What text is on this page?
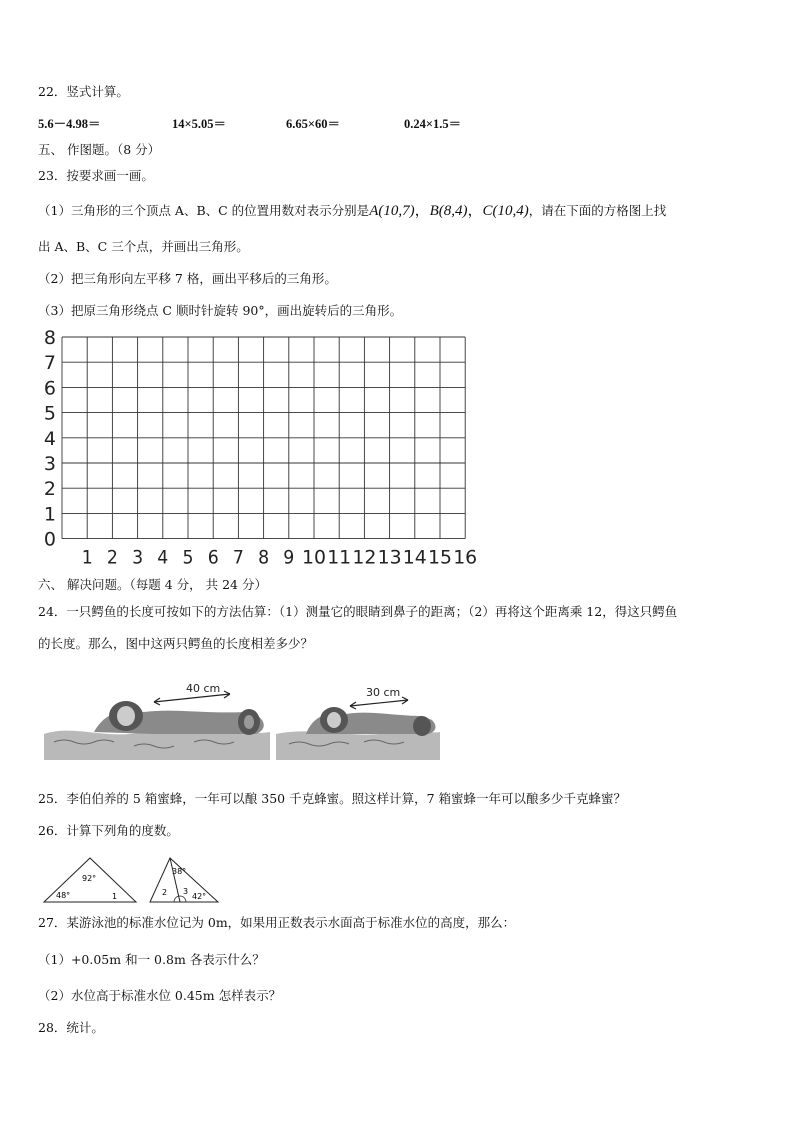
22．竖式计算。
5.6－4.98＝	14×5.05＝	6.65×60＝	0.24×1.5＝
五、 作图题。（8 分）
23．按要求画一画。
（1）三角形的三个顶点 A、B、C 的位置用数对表示分别是A(10,7)，B(8,4)，C(10,4)，请在下面的方格图上找
出 A、B、C 三个点，并画出三角形。
（2）把三角形向左平移 7 格，画出平移后的三角形。
（3）把原三角形绕点 C 顺时针旋转 90°，画出旋转后的三角形。
0
1
2
3
4
5
6
7
8
1 2 3 4 5 6 7 8 9 10 11 12 13 14 15 16
六、 解决问题。（每题 4 分， 共 24 分）
24．一只鳄鱼的长度可按如下的方法估算：（1）测量它的眼睛到鼻子的距离；（2）再将这个距离乘 12，得这只鳄鱼
的长度。那么，图中这两只鳄鱼的长度相差多少？
40 cm	30 cm
25．李伯伯养的 5 箱蜜蜂，一年可以酿 350 千克蜂蜜。照这样计算，7 箱蜜蜂一年可以酿多少千克蜂蜜？
26．计算下列角的度数。
92°
48°	1
38°
2 3
42°
27．某游泳池的标准水位记为 0m，如果用正数表示水面高于标准水位的高度，那么：
（1）+0.05m 和一 0.8m 各表示什么？
（2）水位高于标准水位 0.45m 怎样表示？
28．统计。
